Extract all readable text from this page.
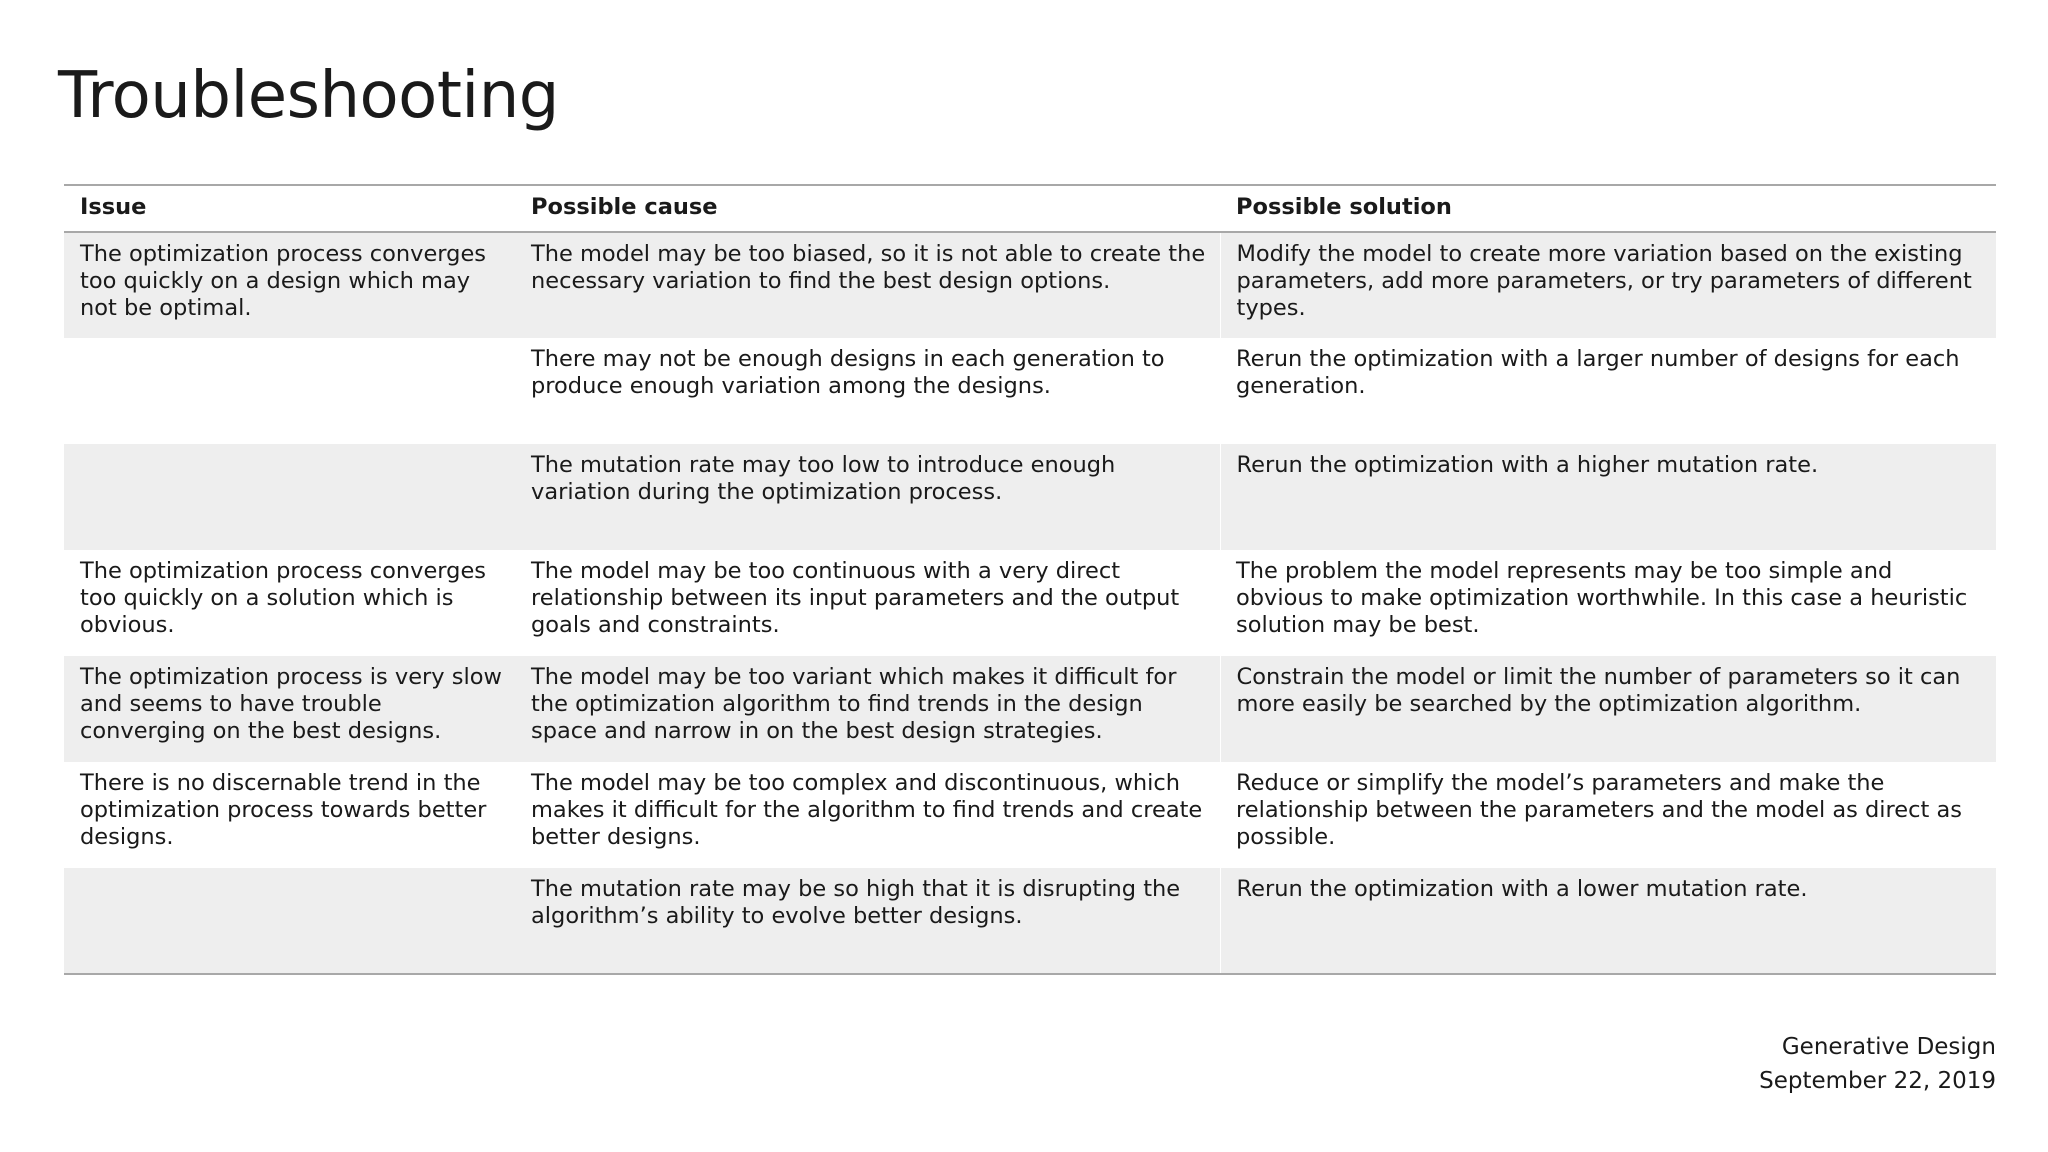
Troubleshooting
Issue	Possible cause	Possible solution
The optimization process converges too quickly on a design which may not be optimal.	The model may be too biased, so it is not able to create the necessary variation to find the best design options.	Modify the model to create more variation based on the existing parameters, add more parameters, or try parameters of different types.
	There may not be enough designs in each generation to produce enough variation among the designs.	Rerun the optimization with a larger number of designs for each generation.
	The mutation rate may too low to introduce enough variation during the optimization process.	Rerun the optimization with a higher mutation rate.
The optimization process converges too quickly on a solution which is obvious.	The model may be too continuous with a very direct relationship between its input parameters and the output goals and constraints.	The problem the model represents may be too simple and obvious to make optimization worthwhile. In this case a heuristic solution may be best.
The optimization process is very slow and seems to have trouble converging on the best designs.	The model may be too variant which makes it difficult for the optimization algorithm to find trends in the design space and narrow in on the best design strategies.	Constrain the model or limit the number of parameters so it can more easily be searched by the optimization algorithm.
There is no discernable trend in the optimization process towards better designs.	The model may be too complex and discontinuous, which makes it difficult for the algorithm to find trends and create better designs.	Reduce or simplify the model’s parameters and make the relationship between the parameters and the model as direct as possible.
	The mutation rate may be so high that it is disrupting the algorithm’s ability to evolve better designs.	Rerun the optimization with a lower mutation rate.
Generative Design
September 22, 2019
